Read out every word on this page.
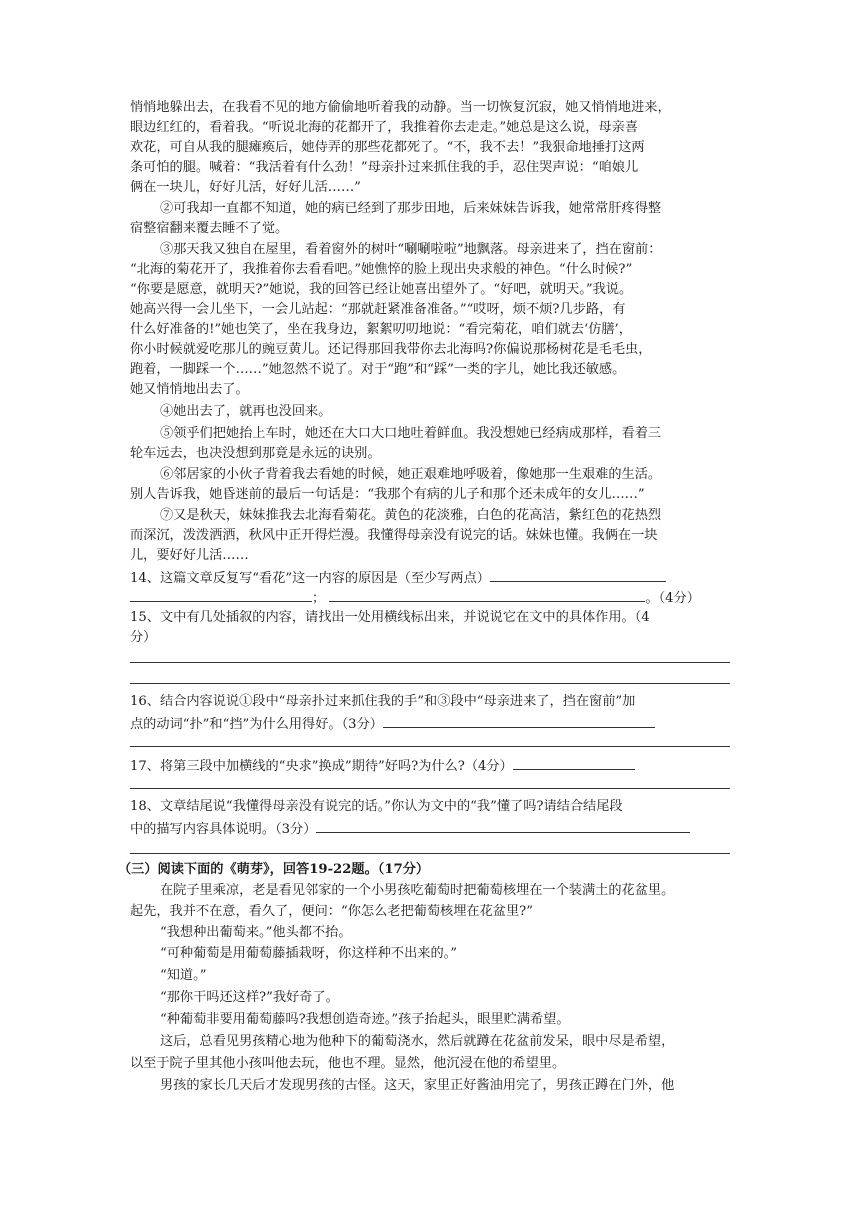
悄悄地躲出去，在我看不见的地方偷偷地听着我的动静。当一切恢复沉寂，她又悄悄地进来，
眼边红红的，看着我。“听说北海的花都开了，我推着你去走走。”她总是这么说，母亲喜
欢花，可自从我的腿瘫痪后，她侍弄的那些花都死了。“不，我不去！”我狠命地捶打这两
条可怕的腿。喊着：“我活着有什么劲！”母亲扑过来抓住我的手，忍住哭声说：“咱娘儿
俩在一块儿，好好儿活，好好儿活……”
②可我却一直都不知道，她的病已经到了那步田地，后来妹妹告诉我，她常常肝疼得整
宿整宿翻来覆去睡不了觉。
③那天我又独自在屋里，看着窗外的树叶“唰唰啦啦”地飘落。母亲进来了，挡在窗前：
“北海的菊花开了，我推着你去看看吧。”她憔悴的脸上现出央求般的神色。“什么时候?”
“你要是愿意，就明天?”她说，我的回答已经让她喜出望外了。“好吧，就明天。”我说。
她高兴得一会儿坐下，一会儿站起：“那就赶紧准备准备。”“哎呀，烦不烦?几步路，有
什么好准备的!”她也笑了，坐在我身边，絮絮叨叨地说：“看完菊花，咱们就去‘仿膳’，
你小时候就爱吃那儿的豌豆黄儿。还记得那回我带你去北海吗?你偏说那杨树花是毛毛虫，
跑着，一脚踩一个……”她忽然不说了。对于“跑”和“踩”一类的字儿，她比我还敏感。
她又悄悄地出去了。
④她出去了，就再也没回来。
⑤领乎们把她抬上车时，她还在大口大口地吐着鲜血。我没想她已经病成那样，看着三
轮车远去，也决没想到那竟是永远的诀别。
⑥邻居家的小伙子背着我去看她的时候，她正艰难地呼吸着，像她那一生艰难的生活。
别人告诉我，她昏迷前的最后一句话是：“我那个有病的儿子和那个还未成年的女儿……”
⑦又是秋天，妹妹推我去北海看菊花。黄色的花淡雅，白色的花高洁，紫红色的花热烈
而深沉，泼泼洒洒，秋风中正开得烂漫。我懂得母亲没有说完的话。妹妹也懂。我俩在一块
儿，要好好儿活……
14、这篇文章反复写“看花”这一内容的原因是（至少写两点）
；	。（4分）
15、文中有几处插叙的内容，请找出一处用横线标出来，并说说它在文中的具体作用。（4
分）
16、结合内容说说①段中“母亲扑过来抓住我的手”和③段中“母亲进来了，挡在窗前”加
点的动词“扑”和“挡”为什么用得好。（3分）
17、将第三段中加横线的“央求”换成”期待”好吗?为什么?（4分）
18、文章结尾说“我懂得母亲没有说完的话。”你认为文中的“我”懂了吗?请结合结尾段
中的描写内容具体说明。（3分）
（三）阅读下面的《萌芽》，回答19-22题。（17分）
在院子里乘凉，老是看见邻家的一个小男孩吃葡萄时把葡萄核埋在一个装满土的花盆里。
起先，我并不在意，看久了，便问：“你怎么老把葡萄核埋在花盆里?”
“我想种出葡萄来。”他头都不抬。
“可种葡萄是用葡萄藤插栽呀，你这样种不出来的。”
“知道。”
“那你干吗还这样?”我好奇了。
“种葡萄非要用葡萄藤吗?我想创造奇迹。”孩子抬起头，眼里贮满希望。
这后，总看见男孩精心地为他种下的葡萄浇水，然后就蹲在花盆前发呆，眼中尽是希望，
以至于院子里其他小孩叫他去玩，他也不理。显然，他沉浸在他的希望里。
男孩的家长几天后才发现男孩的古怪。这天，家里正好酱油用完了，男孩正蹲在门外，他
